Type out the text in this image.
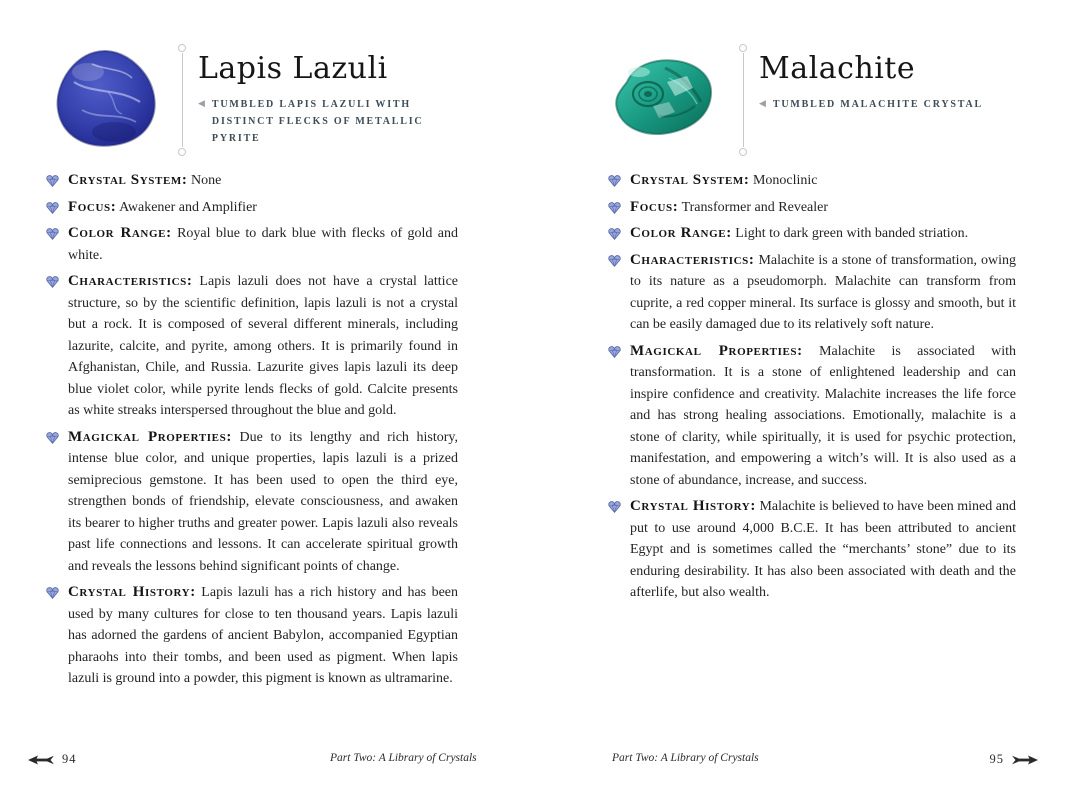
Lapis Lazuli
◀ TUMBLED LAPIS LAZULI WITH DISTINCT FLECKS OF METALLIC PYRITE

Crystal System: None

Focus: Awakener and Amplifier

Color Range: Royal blue to dark blue with flecks of gold and white.

Characteristics: Lapis lazuli does not have a crystal lattice structure, so by the scientific definition, lapis lazuli is not a crystal but a rock. It is composed of several different minerals, including lazurite, calcite, and pyrite, among others. It is primarily found in Afghanistan, Chile, and Russia. Lazurite gives lapis lazuli its deep blue violet color, while pyrite lends flecks of gold. Calcite presents as white streaks interspersed throughout the blue and gold.

Magickal Properties: Due to its lengthy and rich history, intense blue color, and unique properties, lapis lazuli is a prized semiprecious gemstone. It has been used to open the third eye, strengthen bonds of friendship, elevate consciousness, and awaken its bearer to higher truths and greater power. Lapis lazuli also reveals past life connections and lessons. It can accelerate spiritual growth and reveals the lessons behind significant points of change.

Crystal History: Lapis lazuli has a rich history and has been used by many cultures for close to ten thousand years. Lapis lazuli has adorned the gardens of ancient Babylon, accompanied Egyptian pharaohs into their tombs, and been used as pigment. When lapis lazuli is ground into a powder, this pigment is known as ultramarine.

94	Part Two: A Library of Crystals
Malachite
◀ TUMBLED MALACHITE CRYSTAL

Crystal System: Monoclinic

Focus: Transformer and Revealer

Color Range: Light to dark green with banded striation.

Characteristics: Malachite is a stone of transformation, owing to its nature as a pseudomorph. Malachite can transform from cuprite, a red copper mineral. Its surface is glossy and smooth, but it can be easily damaged due to its relatively soft nature.

Magickal Properties: Malachite is associated with transformation. It is a stone of enlightened leadership and can inspire confidence and creativity. Malachite increases the life force and has strong healing associations. Emotionally, malachite is a stone of clarity, while spiritually, it is used for psychic protection, manifestation, and empowering a witch’s will. It is also used as a stone of abundance, increase, and success.

Crystal History: Malachite is believed to have been mined and put to use around 4,000 B.C.E. It has been attributed to ancient Egypt and is sometimes called the “merchants’ stone” due to its enduring desirability. It has also been associated with death and the afterlife, but also wealth.

Part Two: A Library of Crystals	95
